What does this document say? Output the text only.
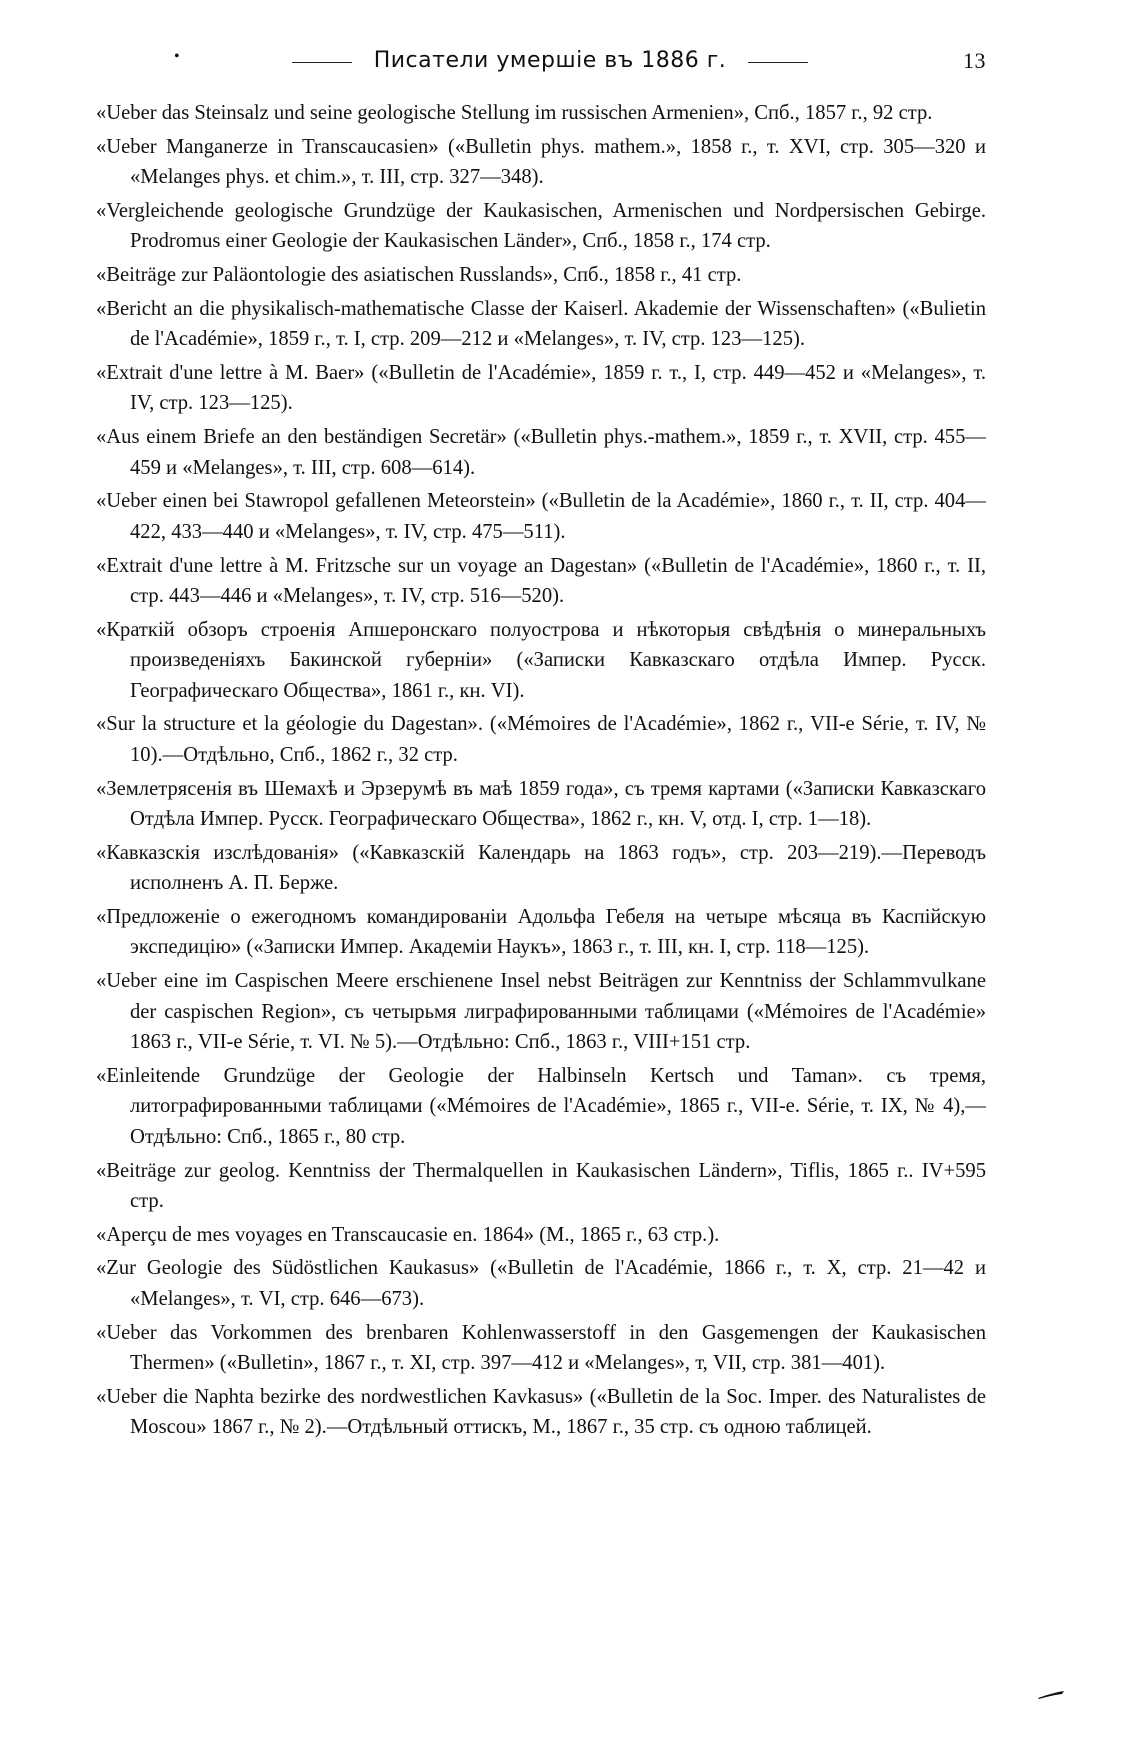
•	Писатели умершіе въ 1886 г.	13
«Ueber das Steinsalz und seine geologische Stellung im russischen Armenien», Спб., 1857 г., 92 стр.
«Ueber Manganerze in Transcaucasien» («Bulletin phys. mathem.», 1858 г., т. XVI, стр. 305—320 и «Melanges phys. et chim.», т. III, стр. 327—348).
«Vergleichende geologische Grundzüge der Kaukasischen, Armenischen und Nordpersischen Gebirge. Prodromus einer Geologie der Kaukasischen Länder», Спб., 1858 г., 174 стр.
«Beiträge zur Paläontologie des asiatischen Russlands», Спб., 1858 г., 41 стр.
«Bericht an die physikalisch-mathematische Classe der Kaiserl. Akademie der Wissenschaften» («Bulietin de l'Académie», 1859 г., т. I, стр. 209—212 и «Melanges», т. IV, стр. 123—125).
«Extrait d'une lettre à M. Baer» («Bulletin de l'Académie», 1859 г. т., I, стр. 449—452 и «Melanges», т. IV, стр. 123—125).
«Aus einem Briefe an den beständigen Secretär» («Bulletin phys.-mathem.», 1859 г., т. XVII, стр. 455—459 и «Melanges», т. III, стр. 608—614).
«Ueber einen bei Stawropol gefallenen Meteorstein» («Bulletin de la Académie», 1860 г., т. II, стр. 404—422, 433—440 и «Melanges», т. IV, стр. 475—511).
«Extrait d'une lettre à M. Fritzsche sur un voyage an Dagestan» («Bulletin de l'Académie», 1860 г., т. II, стр. 443—446 и «Melanges», т. IV, стр. 516—520).
«Краткій обзоръ строенія Апшеронскаго полуострова и нѣкоторыя свѣдѣнія о минеральныхъ произведеніяхъ Бакинской губерніи» («Записки Кавказскаго отдѣла Импер. Русск. Географическаго Общества», 1861 г., кн. VI).
«Sur la structure et la géologie du Dagestan». («Mémoires de l'Académie», 1862 г., VII-e Série, т. IV, № 10).—Отдѣльно, Спб., 1862 г., 32 стр.
«Землетрясенія въ Шемахѣ и Эрзерумѣ въ маѣ 1859 года», съ тремя картами («Записки Кавказскаго Отдѣла Импер. Русск. Географическаго Общества», 1862 г., кн. V, отд. I, стр. 1—18).
«Кавказскія изслѣдованія» («Кавказскій Календарь на 1863 годъ», стр. 203—219).—Переводъ исполненъ А. П. Берже.
«Предложеніе о ежегодномъ командированіи Адольфа Гебеля на четыре мѣсяца въ Каспійскую экспедицію» («Записки Импер. Академіи Наукъ», 1863 г., т. III, кн. I, стр. 118—125).
«Ueber eine im Caspischen Meere erschienene Insel nebst Beiträgen zur Kenntniss der Schlammvulkane der caspischen Region», съ четырьмя лиграфированными таблицами («Mémoires de l'Académie» 1863 г., VII-e Série, т. VI. № 5).—Отдѣльно: Спб., 1863 г., VIII+151 стр.
«Einleitende Grundzüge der Geologie der Halbinseln Kertsch und Taman». съ тремя, литографированными таблицами («Mémoires de l'Académie», 1865 г., VII-e. Série, т. IX, № 4),—Отдѣльно: Спб., 1865 г., 80 стр.
«Beiträge zur geolog. Kenntniss der Thermalquellen in Kaukasischen Ländern», Tiflis, 1865 г.. IV+595 стр.
«Aperçu de mes voyages en Transcaucasie en. 1864» (M., 1865 г., 63 стр.).
«Zur Geologie des Südöstlichen Kaukasus» («Bulletin de l'Académie, 1866 г., т. X, стр. 21—42 и «Melanges», т. VI, стр. 646—673).
«Ueber das Vorkommen des brenbaren Kohlenwasserstoff in den Gasgemengen der Kaukasischen Thermen» («Bulletin», 1867 г., т. XI, стр. 397—412 и «Melanges», т, VII, стр. 381—401).
«Ueber die Naphta bezirke des nordwestlichen Kavkasus» («Bulletin de la Soc. Imper. des Naturalistes de Moscou» 1867 г., № 2).—Отдѣльный оттискъ, M., 1867 г., 35 стр. съ одною таблицей.
